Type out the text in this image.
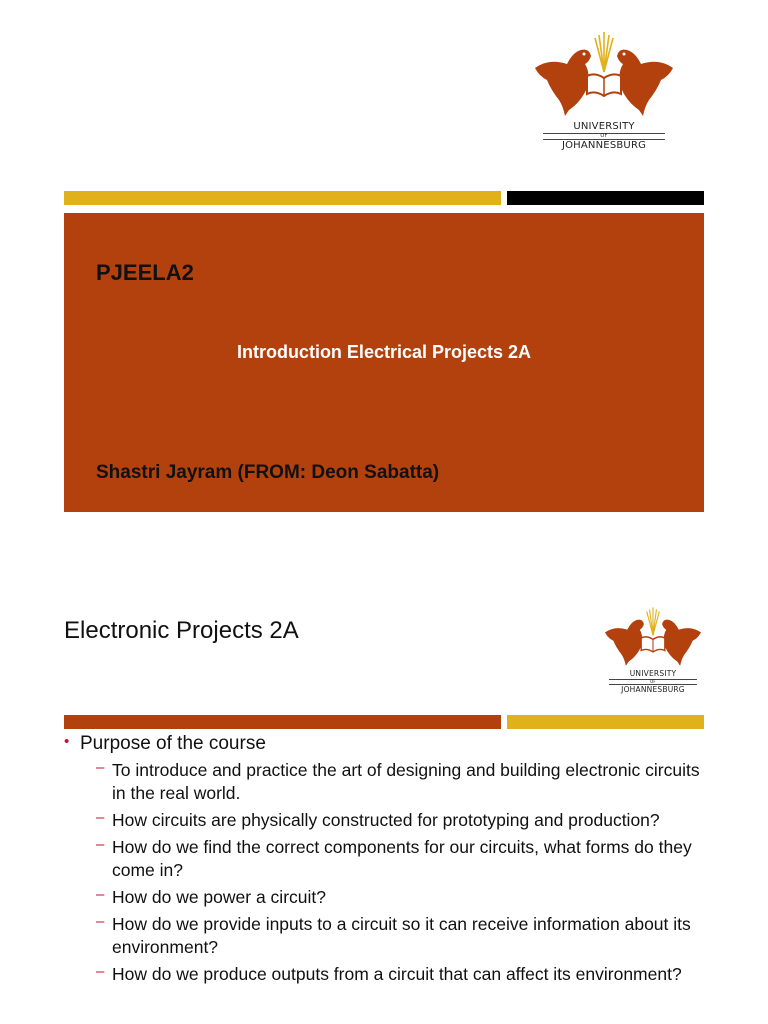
UNIVERSITY
OF
JOHANNESBURG
PJEELA2
Introduction Electrical Projects 2A
Shastri Jayram (FROM: Deon Sabatta)
Electronic Projects 2A
UNIVERSITY
OF
JOHANNESBURG
• Purpose of the course
– To introduce and practice the art of designing and building electronic circuits in the real world.
– How circuits are physically constructed for prototyping and production?
– How do we find the correct components for our circuits, what forms do they come in?
– How do we power a circuit?
– How do we provide inputs to a circuit so it can receive information about its environment?
– How do we produce outputs from a circuit that can affect its environment?
